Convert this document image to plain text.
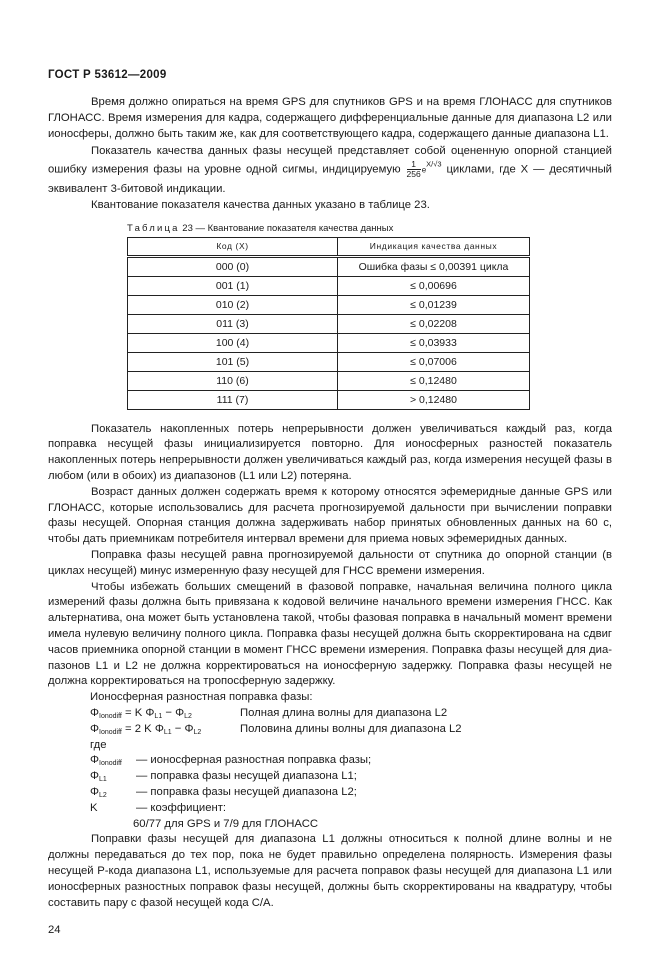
ГОСТ Р 53612—2009
Время должно опираться на время GPS для спутников GPS и на время ГЛОНАСС для спутников ГЛОНАСС. Время измерения для кадра, содержащего дифференциальные данные для диапазона L2 или ионосферы, должно быть таким же, как для соответствующего кадра, содержащего данные диапазона L1.
Показатель качества данных фазы несущей представляет собой оцененную опорной станцией ошибку измерения фазы на уровне одной сигмы, индицируемую $\frac{1}{256} e^{X/√3}$ циклами, где X — десятичный эквивалент 3-битовой индикации.
Квантование показателя качества данных указано в таблице 23.
Таблица 23 — Квантование показателя качества данных
Код (X)	Индикация качества данных
000 (0)	Ошибка фазы ≤ 0,00391 цикла
001 (1)	≤ 0,00696
010 (2)	≤ 0,01239
011 (3)	≤ 0,02208
100 (4)	≤ 0,03933
101 (5)	≤ 0,07006
110 (6)	≤ 0,12480
111 (7)	> 0,12480
Показатель накопленных потерь непрерывности должен увеличиваться каждый раз, когда поправка несущей фазы инициализируется повторно. Для ионосферных разностей показатель накопленных потерь непрерывности должен увеличиваться каждый раз, когда измерения несущей фазы в любом (или в обоих) из диапазонов (L1 или L2) потеряна.
Возраст данных должен содержать время к которому относятся эфемеридные данные GPS или ГЛОНАСС, которые использовались для расчета прогнозируемой дальности при вычислении поправки фазы несущей. Опорная станция должна задерживать набор принятых обновленных данных на 60 с, чтобы дать приемникам потребителя интервал времени для приема новых эфемеридных данных.
Поправка фазы несущей равна прогнозируемой дальности от спутника до опорной станции (в циклах несущей) минус измеренную фазу несущей для ГНСС времени измерения.
Чтобы избежать больших смещений в фазовой поправке, начальная величина полного цикла измерений фазы должна быть привязана к кодовой величине начального времени измерения ГНСС. Как альтернатива, она может быть установлена такой, чтобы фазовая поправка в начальный момент времени имела нулевую величину полного цикла. Поправка фазы несущей должна быть скорректирована на сдвиг часов приемника опорной станции в момент ГНСС времени измерения. Поправка фазы несущей для диапазонов L1 и L2 не должна корректироваться на ионосферную задержку. Поправка фазы несущей не должна корректироваться на тропосферную задержку.
Ионосферная разностная поправка фазы:
$\Phi_{Ionodiff} = K$ $\Phi_{L1} - \Phi_{L2}$	Полная длина волны для диапазона L2
$\Phi_{Ionodiff} = 2$ K $\Phi_{L1} - \Phi_{L2}$	Половина длины волны для диапазона L2
где
$\Phi_{Ionodiff}$ — ионосферная разностная поправка фазы;
$\Phi_{L1}$	— поправка фазы несущей диапазона L1;
$\Phi_{L2}$	— поправка фазы несущей диапазона L2;
K	— коэффициент:
60/77 для GPS и 7/9 для ГЛОНАСС
Поправки фазы несущей для диапазона L1 должны относиться к полной длине волны и не должны передаваться до тех пор, пока не будет правильно определена полярность. Измерения фазы несущей Р-кода диапазона L1, используемые для расчета поправок фазы несущей для диапазона L1 или ионосферных разностных поправок фазы несущей, должны быть скорректированы на квадратуру, чтобы составить пару с фазой несущей кода С/А.
24
